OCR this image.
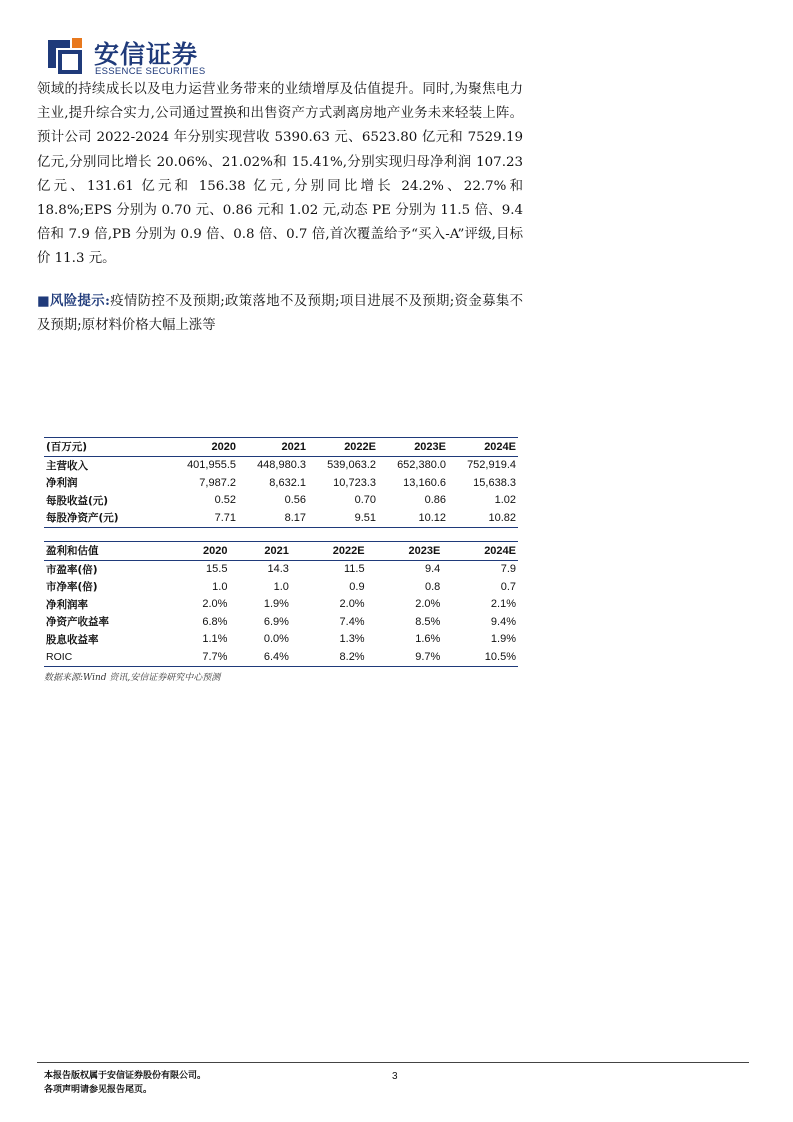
安信证券
ESSENCE SECURITIES

领域的持续成长以及电力运营业务带来的业绩增厚及估值提升。同时,为聚焦电力主业,提升综合实力,公司通过置换和出售资产方式剥离房地产业务未来轻装上阵。预计公司 2022-2024 年分别实现营收 5390.63 元、6523.80 亿元和 7529.19 亿元,分别同比增长 20.06%、21.02%和 15.41%,分别实现归母净利润 107.23 亿元、131.61 亿元和 156.38 亿元,分别同比增长 24.2%、22.7%和 18.8%;EPS 分别为 0.70 元、0.86 元和 1.02 元,动态 PE 分别为 11.5 倍、9.4 倍和 7.9 倍,PB 分别为 0.9 倍、0.8 倍、0.7 倍,首次覆盖给予“买入-A”评级,目标价 11.3 元。

■风险提示:疫情防控不及预期;政策落地不及预期;项目进展不及预期;资金募集不及预期;原材料价格大幅上涨等
(百万元)	2020	2021	2022E	2023E	2024E
主营收入	401,955.5	448,980.3	539,063.2	652,380.0	752,919.4
净利润	7,987.2	8,632.1	10,723.3	13,160.6	15,638.3
每股收益(元)	0.52	0.56	0.70	0.86	1.02
每股净资产(元)	7.71	8.17	9.51	10.12	10.82
盈利和估值	2020	2021	2022E	2023E	2024E
市盈率(倍)	15.5	14.3	11.5	9.4	7.9
市净率(倍)	1.0	1.0	0.9	0.8	0.7
净利润率	2.0%	1.9%	2.0%	2.0%	2.1%
净资产收益率	6.8%	6.9%	7.4%	8.5%	9.4%
股息收益率	1.1%	0.0%	1.3%	1.6%	1.9%
ROIC	7.7%	6.4%	8.2%	9.7%	10.5%
数据来源:Wind 资讯,安信证券研究中心预测
本报告版权属于安信证券股份有限公司。
各项声明请参见报告尾页。
3
